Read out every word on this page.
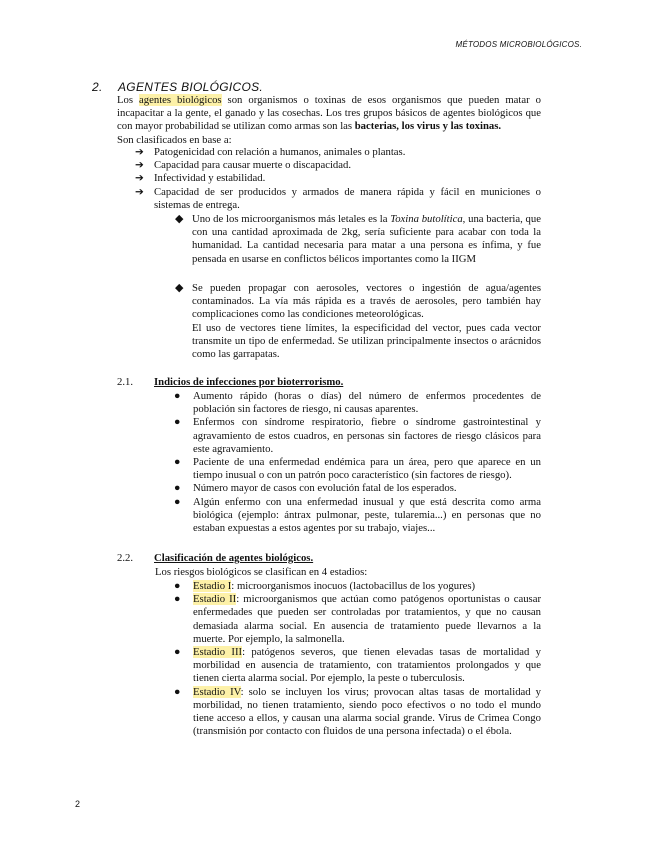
MÉTODOS MICROBIOLÓGICOS.
2. AGENTES BIOLÓGICOS.
Los agentes biológicos son organismos o toxinas de esos organismos que pueden matar o incapacitar a la gente, el ganado y las cosechas. Los tres grupos básicos de agentes biológicos que con mayor probabilidad se utilizan como armas son las bacterias, los virus y las toxinas.
Son clasificados en base a:
➔ Patogenicidad con relación a humanos, animales o plantas.
➔ Capacidad para causar muerte o discapacidad.
➔ Infectividad y estabilidad.
➔ Capacidad de ser producidos y armados de manera rápida y fácil en municiones o sistemas de entrega.
◆ Uno de los microorganismos más letales es la Toxina butolítica, una bacteria, que con una cantidad aproximada de 2kg, sería suficiente para acabar con toda la humanidad. La cantidad necesaria para matar a una persona es ínfima, y fue pensada en usarse en conflictos bélicos importantes como la IIGM
◆ Se pueden propagar con aerosoles, vectores o ingestión de agua/agentes contaminados. La vía más rápida es a través de aerosoles, pero también hay complicaciones como las condiciones meteorológicas.
El uso de vectores tiene límites, la especificidad del vector, pues cada vector transmite un tipo de enfermedad. Se utilizan principalmente insectos o arácnidos como las garrapatas.
2.1. Indicios de infecciones por bioterrorismo.
● Aumento rápido (horas o días) del número de enfermos procedentes de población sin factores de riesgo, ni causas aparentes.
● Enfermos con síndrome respiratorio, fiebre o síndrome gastrointestinal y agravamiento de estos cuadros, en personas sin factores de riesgo clásicos para este agravamiento.
● Paciente de una enfermedad endémica para un área, pero que aparece en un tiempo inusual o con un patrón poco característico (sin factores de riesgo).
● Número mayor de casos con evolución fatal de los esperados.
● Algún enfermo con una enfermedad inusual y que está descrita como arma biológica (ejemplo: ántrax pulmonar, peste, tularemia...) en personas que no estaban expuestas a estos agentes por su trabajo, viajes...
2.2. Clasificación de agentes biológicos.
Los riesgos biológicos se clasifican en 4 estadios:
● Estadio I: microorganismos inocuos (lactobacillus de los yogures)
● Estadio II: microorganismos que actúan como patógenos oportunistas o causar enfermedades que pueden ser controladas por tratamientos, y que no causan demasiada alarma social. En ausencia de tratamiento puede llevarnos a la muerte. Por ejemplo, la salmonella.
● Estadio III: patógenos severos, que tienen elevadas tasas de mortalidad y morbilidad en ausencia de tratamiento, con tratamientos prolongados y que tienen cierta alarma social. Por ejemplo, la peste o tuberculosis.
● Estadio IV: solo se incluyen los virus; provocan altas tasas de mortalidad y morbilidad, no tienen tratamiento, siendo poco efectivos o no todo el mundo tiene acceso a ellos, y causan una alarma social grande. Virus de Crimea Congo (transmisión por contacto con fluidos de una persona infectada) o el ébola.
2
